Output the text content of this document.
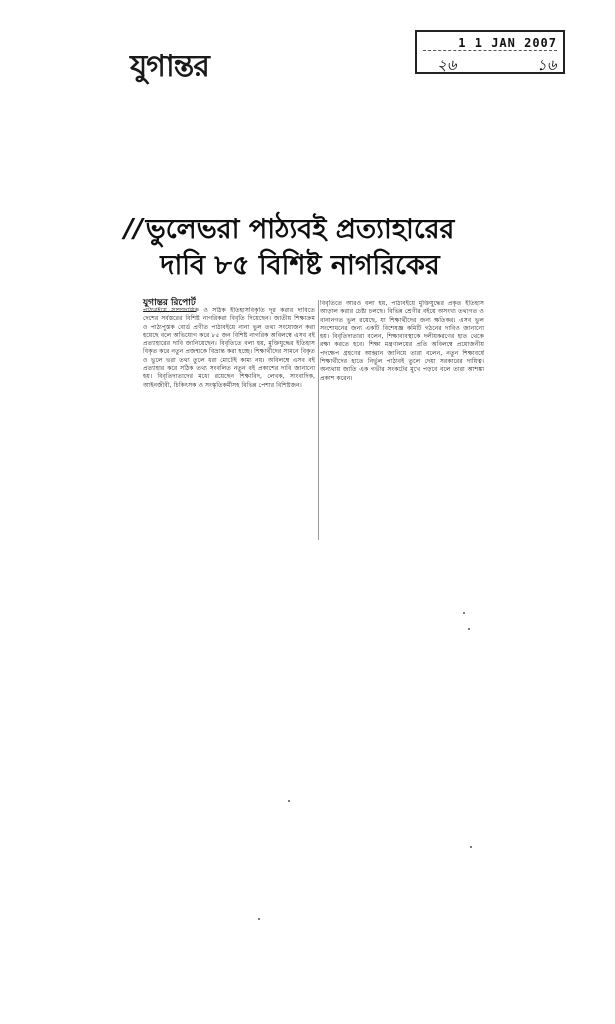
যুগান্তর
1 1 JAN 2007
২৬	১৬
// ভুলেভরা পাঠ্যবই প্রত্যাহারের
দাবি ৮৫ বিশিষ্ট নাগরিকের
যুগান্তর রিপোর্ট
পাঠ্যবইয়ে সাম্প্রদায়িক ও সঠিক ইতিহাসবিকৃতি দূর করার দাবিতে দেশের সর্বস্তরের বিশিষ্ট নাগরিকরা বিবৃতি দিয়েছেন। জাতীয় শিক্ষাক্রম ও পাঠ্যপুস্তক বোর্ড প্রণীত পাঠ্যবইয়ে নানা ভুল তথ্য সংযোজন করা হয়েছে বলে অভিযোগ করে ৮৫ জন বিশিষ্ট নাগরিক অবিলম্বে এসব বই প্রত্যাহারের দাবি জানিয়েছেন। বিবৃতিতে বলা হয়, মুক্তিযুদ্ধের ইতিহাস বিকৃত করে নতুন প্রজন্মকে বিভ্রান্ত করা হচ্ছে। শিক্ষার্থীদের সামনে বিকৃত ও ভুলে ভরা তথ্য তুলে ধরা মোটেই কাম্য নয়। অবিলম্বে এসব বই প্রত্যাহার করে সঠিক তথ্য সংবলিত নতুন বই প্রকাশের দাবি জানানো হয়। বিবৃতিদাতাদের মধ্যে রয়েছেন শিক্ষাবিদ, লেখক, সাংবাদিক, আইনজীবী, চিকিৎসক ও সংস্কৃতিকর্মীসহ বিভিন্ন পেশার বিশিষ্টজন।
বিবৃতিতে আরও বলা হয়, পাঠ্যবইয়ে মুক্তিযুদ্ধের প্রকৃত ইতিহাস আড়াল করার চেষ্টা চলছে। বিভিন্ন শ্রেণীর বইয়ে অসংখ্য তথ্যগত ও বানানগত ভুল রয়েছে, যা শিক্ষার্থীদের জন্য ক্ষতিকর। এসব ভুল সংশোধনের জন্য একটি বিশেষজ্ঞ কমিটি গঠনের দাবিও জানানো হয়। বিবৃতিদাতারা বলেন, শিক্ষাব্যবস্থাকে দলীয়করণের হাত থেকে রক্ষা করতে হবে। শিক্ষা মন্ত্রণালয়ের প্রতি অবিলম্বে প্রয়োজনীয় পদক্ষেপ গ্রহণের আহ্বান জানিয়ে তারা বলেন, নতুন শিক্ষাবর্ষে শিক্ষার্থীদের হাতে নির্ভুল পাঠ্যবই তুলে দেয়া সরকারের দায়িত্ব। অন্যথায় জাতি এক গভীর সংকটের মুখে পড়বে বলে তারা আশঙ্কা প্রকাশ করেন।
